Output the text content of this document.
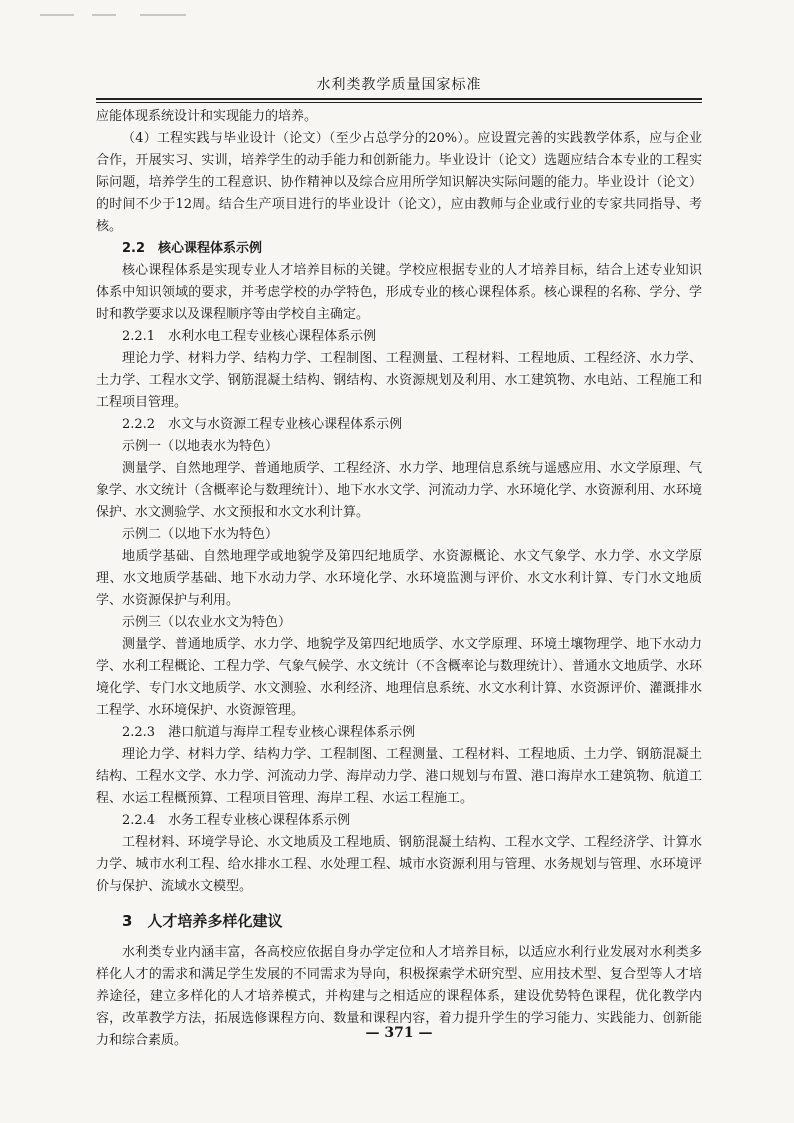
水利类教学质量国家标准

应能体现系统设计和实现能力的培养。

（4）工程实践与毕业设计（论文）（至少占总学分的20%）。应设置完善的实践教学体系，应与企业合作，开展实习、实训，培养学生的动手能力和创新能力。毕业设计（论文）选题应结合本专业的工程实际问题，培养学生的工程意识、协作精神以及综合应用所学知识解决实际问题的能力。毕业设计（论文）的时间不少于12周。结合生产项目进行的毕业设计（论文），应由教师与企业或行业的专家共同指导、考核。

2.2　核心课程体系示例

核心课程体系是实现专业人才培养目标的关键。学校应根据专业的人才培养目标，结合上述专业知识体系中知识领域的要求，并考虑学校的办学特色，形成专业的核心课程体系。核心课程的名称、学分、学时和教学要求以及课程顺序等由学校自主确定。

2.2.1　水利水电工程专业核心课程体系示例

理论力学、材料力学、结构力学、工程制图、工程测量、工程材料、工程地质、工程经济、水力学、土力学、工程水文学、钢筋混凝土结构、钢结构、水资源规划及利用、水工建筑物、水电站、工程施工和工程项目管理。

2.2.2　水文与水资源工程专业核心课程体系示例

示例一（以地表水为特色）

测量学、自然地理学、普通地质学、工程经济、水力学、地理信息系统与遥感应用、水文学原理、气象学、水文统计（含概率论与数理统计）、地下水水文学、河流动力学、水环境化学、水资源利用、水环境保护、水文测验学、水文预报和水文水利计算。

示例二（以地下水为特色）

地质学基础、自然地理学或地貌学及第四纪地质学、水资源概论、水文气象学、水力学、水文学原理、水文地质学基础、地下水动力学、水环境化学、水环境监测与评价、水文水利计算、专门水文地质学、水资源保护与利用。

示例三（以农业水文为特色）

测量学、普通地质学、水力学、地貌学及第四纪地质学、水文学原理、环境土壤物理学、地下水动力学、水利工程概论、工程力学、气象气候学、水文统计（不含概率论与数理统计）、普通水文地质学、水环境化学、专门水文地质学、水文测验、水利经济、地理信息系统、水文水利计算、水资源评价、灌溉排水工程学、水环境保护、水资源管理。

2.2.3　港口航道与海岸工程专业核心课程体系示例

理论力学、材料力学、结构力学、工程制图、工程测量、工程材料、工程地质、土力学、钢筋混凝土结构、工程水文学、水力学、河流动力学、海岸动力学、港口规划与布置、港口海岸水工建筑物、航道工程、水运工程概预算、工程项目管理、海岸工程、水运工程施工。

2.2.4　水务工程专业核心课程体系示例

工程材料、环境学导论、水文地质及工程地质、钢筋混凝土结构、工程水文学、工程经济学、计算水力学、城市水利工程、给水排水工程、水处理工程、城市水资源利用与管理、水务规划与管理、水环境评价与保护、流域水文模型。

3　人才培养多样化建议

水利类专业内涵丰富，各高校应依据自身办学定位和人才培养目标，以适应水利行业发展对水利类多样化人才的需求和满足学生发展的不同需求为导向，积极探索学术研究型、应用技术型、复合型等人才培养途径，建立多样化的人才培养模式，并构建与之相适应的课程体系，建设优势特色课程，优化教学内容，改革教学方法，拓展选修课程方向、数量和课程内容，着力提升学生的学习能力、实践能力、创新能力和综合素质。	— 371 —
